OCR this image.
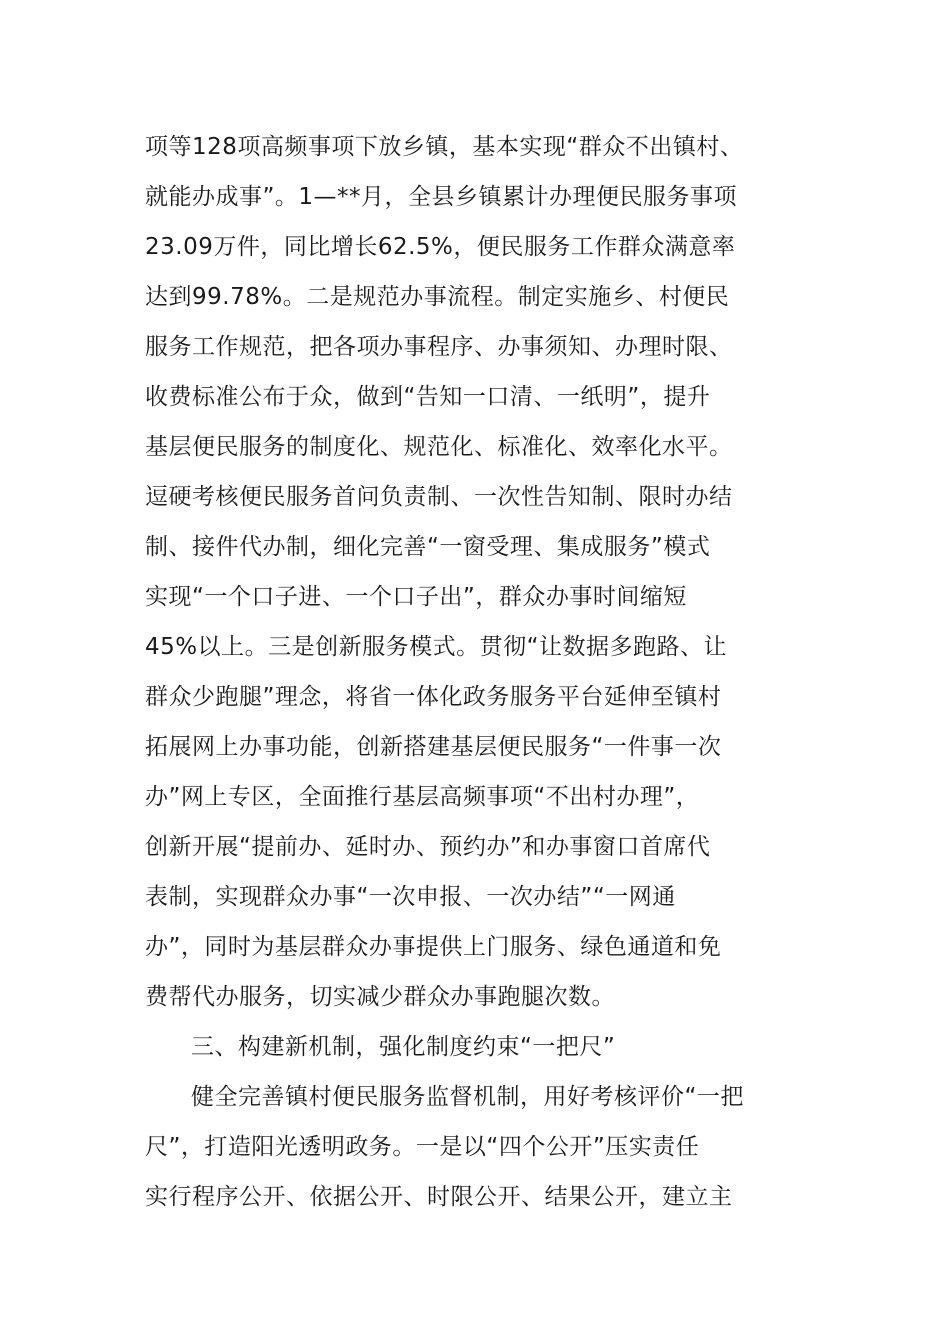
项等128项高频事项下放乡镇，基本实现“群众不出镇村、
就能办成事”。1—**月，全县乡镇累计办理便民服务事项
23.09万件，同比增长62.5%，便民服务工作群众满意率
达到99.78%。二是规范办事流程。制定实施乡、村便民
服务工作规范，把各项办事程序、办事须知、办理时限、
收费标准公布于众，做到“告知一口清、一纸明”，提升
基层便民服务的制度化、规范化、标准化、效率化水平。
逗硬考核便民服务首问负责制、一次性告知制、限时办结
制、接件代办制，细化完善“一窗受理、集成服务”模式
实现“一个口子进、一个口子出”，群众办事时间缩短
45%以上。三是创新服务模式。贯彻“让数据多跑路、让
群众少跑腿”理念，将省一体化政务服务平台延伸至镇村
拓展网上办事功能，创新搭建基层便民服务“一件事一次
办”网上专区，全面推行基层高频事项“不出村办理”，
创新开展“提前办、延时办、预约办”和办事窗口首席代
表制，实现群众办事“一次申报、一次办结”“一网通
办”，同时为基层群众办事提供上门服务、绿色通道和免
费帮代办服务，切实减少群众办事跑腿次数。
三、构建新机制，强化制度约束“一把尺”
健全完善镇村便民服务监督机制，用好考核评价“一把
尺”，打造阳光透明政务。一是以“四个公开”压实责任
实行程序公开、依据公开、时限公开、结果公开，建立主
